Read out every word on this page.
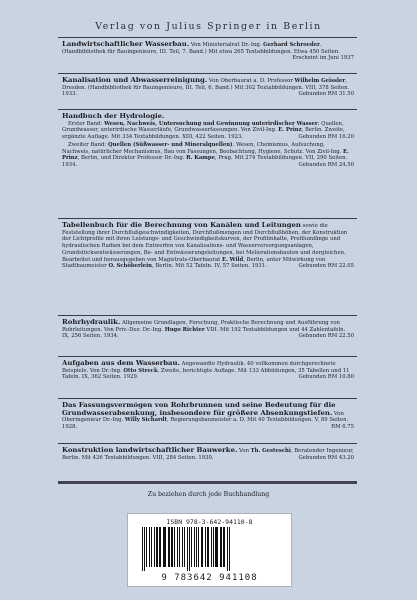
Verlag von Julius Springer in Berlin

Landwirtschaftlicher Wasserbau. Von Ministerialrat Dr.-Ing. Gerhard Schroeder. (Handbibliothek für Bauingenieure, III. Teil, 7. Band.) Mit etwa 265 Textabbildungen. Etwa 450 Seiten.
Erscheint im Juni 1937

Kanalisation und Abwasserreinigung. Von Oberbaurat a. D. Professor Wilhelm Geissler, Dresden. (Handbibliothek für Bauingenieure, III. Teil, 6. Band.) Mit 302 Textabbildungen. VIII, 378 Seiten. 1933.	Gebunden RM 31.50

Handbuch der Hydrologie.

Erster Band: Wesen, Nachweis, Untersuchung und Gewinnung unterirdischer Wasser: Quellen, Grundwasser, unterirdische Wasserläufe, Grundwasserfassungen. Von Zivil-Ing. E. Prinz, Berlin. Zweite, ergänzte Auflage. Mit 334 Textabbildungen. XIII, 422 Seiten. 1923.	Gebunden RM 16.20

Zweiter Band: Quellen (Süßwasser- und Mineralquellen). Wesen, Chemismus, Aufsuchung, Nachweis, natürlicher Mechanismus, Bau von Fassungen, Beobachtung, Hygiene, Schutz. Von Zivil-Ing. E. Prinz, Berlin, und Direktor Professor Dr.-Ing. R. Kampe, Prag. Mit 274 Textabbildungen. VII, 290 Seiten. 1934.	Gebunden RM 24.50

Tabellenbuch für die Berechnung von Kanälen und Leitungen sowie die Feststellung ihrer Durchflußgeschwindigkeiten, Durchflußmengen und Durchflußhöhen, der Konstruktion der Lichtprofile mit ihren Leistungs- und Geschwindigkeitskurven, der Profilinhalte, Profilumfänge und hydraulischen Radien bei dem Entwerfen von Kanalisations- und Wasserversorgungsanlagen, Grundstücksentwässerungen, Be- und Entwässerungsleitungen, bei Meliorationsbauten und dergleichen. Bearbeitet und herausgegeben von Magistrats-Oberbaurat E. Wild, Berlin, unter Mitwirkung von Stadtbaumeister O. Schöberlein, Berlin. Mit 52 Tafeln. IV, 57 Seiten. 1931.	Gebunden RM 22.05

Rohrhydraulik. Allgemeine Grundlagen, Forschung, Praktische Berechnung und Ausführung von Rohrleitungen. Von Priv.-Doz. Dr.-Ing. Hugo Richter VDI. Mit 192 Textabbildungen und 44 Zahlentafeln. IX, 256 Seiten. 1934.	Gebunden RM 22.50

Aufgaben aus dem Wasserbau. Angewandte Hydraulik. 40 vollkommen durchgerechnete Beispiele. Von Dr.-Ing. Otto Streck. Zweite, berichtigte Auflage. Mit 133 Abbildungen, 35 Tabellen und 11 Tafeln. IX, 362 Seiten. 1929.	Gebunden RM 10.80

Das Fassungsvermögen von Rohrbrunnen und seine Bedeutung für die Grundwasserabsenkung, insbesondere für größere Absenkungstiefen. Von Oberingenieur Dr.-Ing. Willy Sichardt, Regierungsbaumeister a. D. Mit 40 Textabbildungen. V, 89 Seiten. 1928.	RM 6.75

Konstruktion landwirtschaftlicher Bauwerke. Von Th. Gesteschi, Beratender Ingenieur, Berlin. Mit 426 Textabbildungen. VIII, 284 Seiten. 1930.	Gebunden RM 43.20

Zu beziehen durch jede Buchhandlung
ISBN 978-3-642-94110-8
9 783642 941108
